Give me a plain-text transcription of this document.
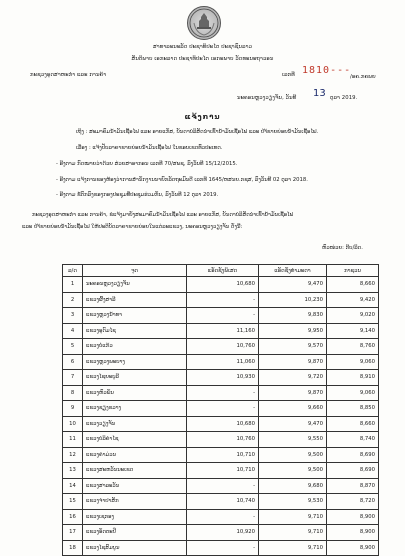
ສາທາລະນະລັດ ປະຊາທິປະໄຕ ປະຊາຊົນລາວ
ສັນຕິພາບ ເອກະລາດ ປະຊາທິປະໄຕ ເອກະພາບ ວັດທະນະຖາວອນ
ກະຊວງອຸດສາຫະກຳ ແລະ ການຄ້າ	ເລກທີ 1810---
/ອຄ.ກຄພຍ
ນະຄອນຫຼວງວຽງຈັນ, ວັນທີ 13 ຕຸລາ 2019.
ແຈ້ງການ
ເຖິງ : ສະມາຄົມນ້ຳມັນເຊື້ອໄຟ ແລະ ອາຍແກັສ, ບັນດາບໍລິສັດນຳເຂົ້ານ້ຳມັນເຊື້ອໄຟ ແລະ ປຳ້ຂາຍຍ່ອຍນ້ຳມັນເຊື້ອໄຟ.
ເລື່ອງ : ແຈ້ງປັບລາຄາຂາຍຍ່ອຍນ້ຳມັນເຊື້ອໄຟ ໃນຂອບເຂດທົ່ວປະເທດ.
- ອີງຕາມ ກົດໝາຍວ່າດ້ວຍ ສ່ວຍສາອາກອນ ເລກທີ 70/ສພຊ, ລົງວັນທີ 15/12/2015.
- ອີງຕາມ ແຈ້ງການຂອງຫ້ອງວ່າການສຳນັກງານນາຍົກລັດຖະມົນຕີ ເລກທີ 1645/ຫສນຍ.ກຊສ, ລົງວັນທີ 02 ຕຸລາ 2018.
- ອີງຕາມ ຂໍ້ຕົກລົງຂອງກອງປະຊຸມທີ່ປະຊຸມຮ່ວມກັນ, ລົງວັນທີ 12 ຕຸລາ 2019.
ກະຊວງອຸດສາຫະກຳ ແລະ ການຄ້າ, ຂໍແຈ້ງມາຍັງສະມາຄົມນ້ຳມັນເຊື້ອໄຟ ແລະ ອາຍແກັສ, ບັນດາບໍລິສັດນຳເຂົ້ານ້ຳມັນເຊື້ອໄຟ
ແລະ ປຳ້ຂາຍຍ່ອຍນ້ຳມັນເຊື້ອໄຟ ໃຫ້ປະຕິບັດລາຄາຂາຍຍ່ອຍໃນແຕ່ລະແຂວງ, ນະຄອນຫຼວງວຽງຈັນ ດັ່ງນີ້:
ຫົວໜ່ວຍ: ກີບ/ລິດ.
ລ/ດ	ຈຸດ	ແອັດຊັງພິເສດ	ແອັດຊັງທຳມະດາ	ກາຊວນ
1	ນະຄອນຫຼວງວຽງຈັນ	10,680	9,470	8,660
2	ແຂວງຜົ້ງສາລີ	-	10,230	9,420
3	ແຂວງຫຼວງນ້ຳທາ	-	9,830	9,020
4	ແຂວງອຸດົມໄຊ	11,160	9,950	9,140
5	ແຂວງບໍ່ແກ້ວ	10,760	9,570	8,760
6	ແຂວງຫຼວງພະບາງ	11,060	9,870	9,060
7	ແຂວງໄຊຍະບູລີ	10,930	9,720	8,910
8	ແຂວງຫົວພັນ	-	9,870	9,060
9	ແຂວງຊຽງຂວາງ	-	9,660	8,850
10	ແຂວງວຽງຈັນ	10,680	9,470	8,660
11	ແຂວງບໍລິຄຳໄຊ	10,760	9,550	8,740
12	ແຂວງຄຳມ່ວນ	10,710	9,500	8,690
13	ແຂວງສະຫວັນນະເຂດ	10,710	9,500	8,690
14	ແຂວງສາລະວັນ	-	9,680	8,870
15	ແຂວງຈຳປາສັກ	10,740	9,530	8,720
16	ແຂວງເຊກອງ	-	9,710	8,900
17	ແຂວງອັດຕະປື	10,920	9,710	8,900
18	ແຂວງໄຊສົມບູນ	-	9,710	8,900
